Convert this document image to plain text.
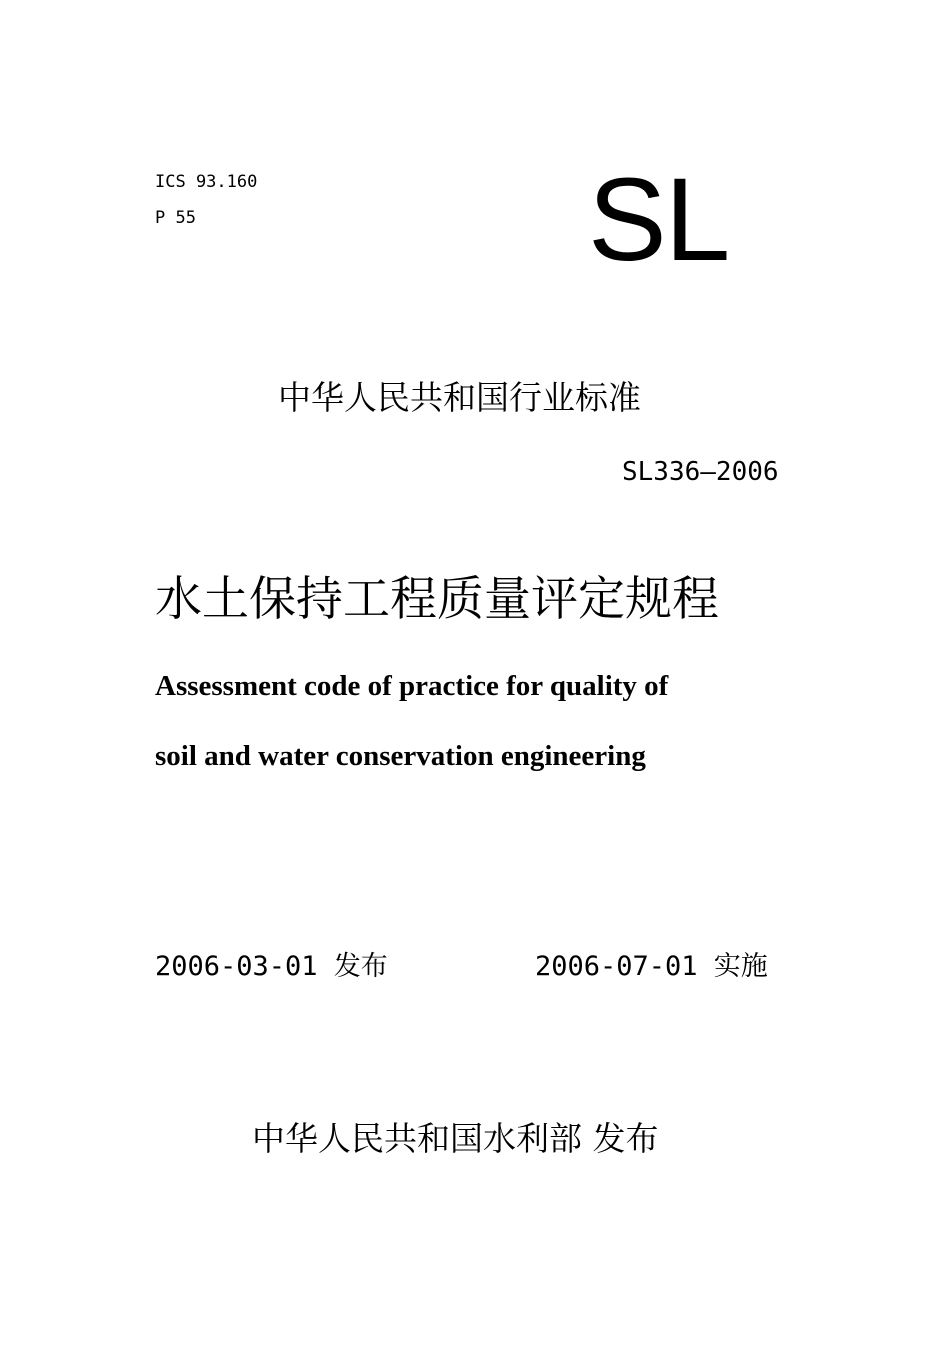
ICS 93.160
P 55	SL
中华人民共和国行业标准
SL336—2006
水土保持工程质量评定规程
Assessment code of practice for quality of
soil and water conservation engineering
2006-03-01 发布	2006-07-01 实施
中华人民共和国水利部 发布
